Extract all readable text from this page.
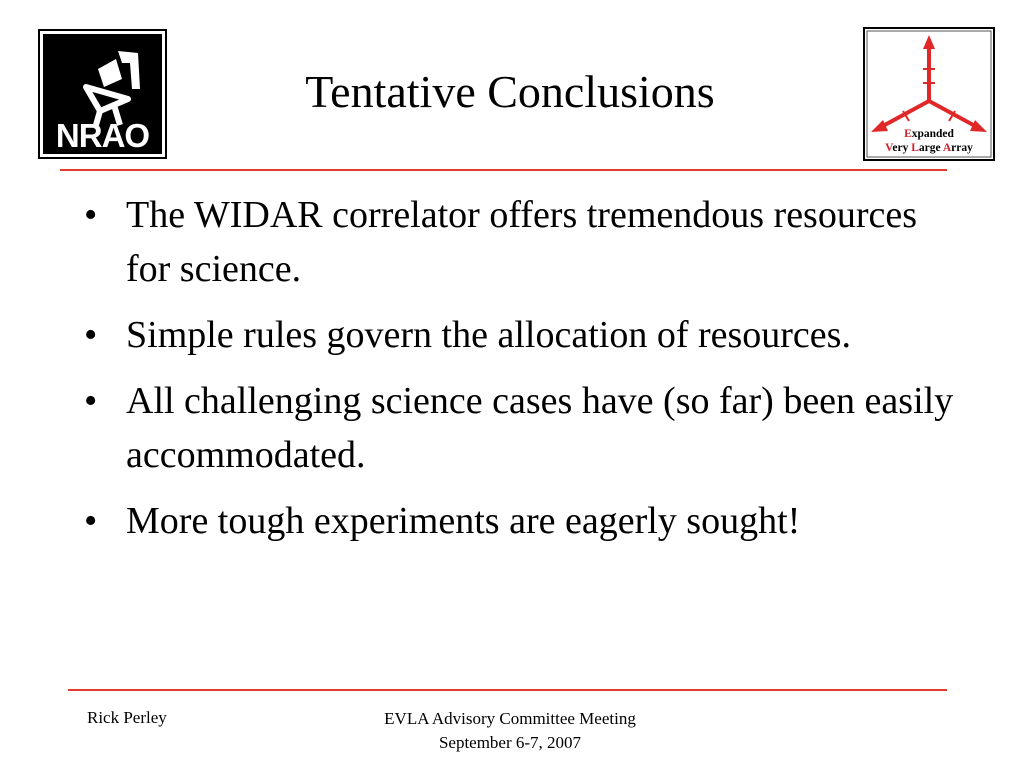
NRAO
Tentative Conclusions
Expanded
Very Large Array
• The WIDAR correlator offers tremendous resources for science.
• Simple rules govern the allocation of resources.
• All challenging science cases have (so far) been easily accommodated.
• More tough experiments are eagerly sought!
Rick Perley	EVLA Advisory Committee Meeting
September 6-7, 2007
